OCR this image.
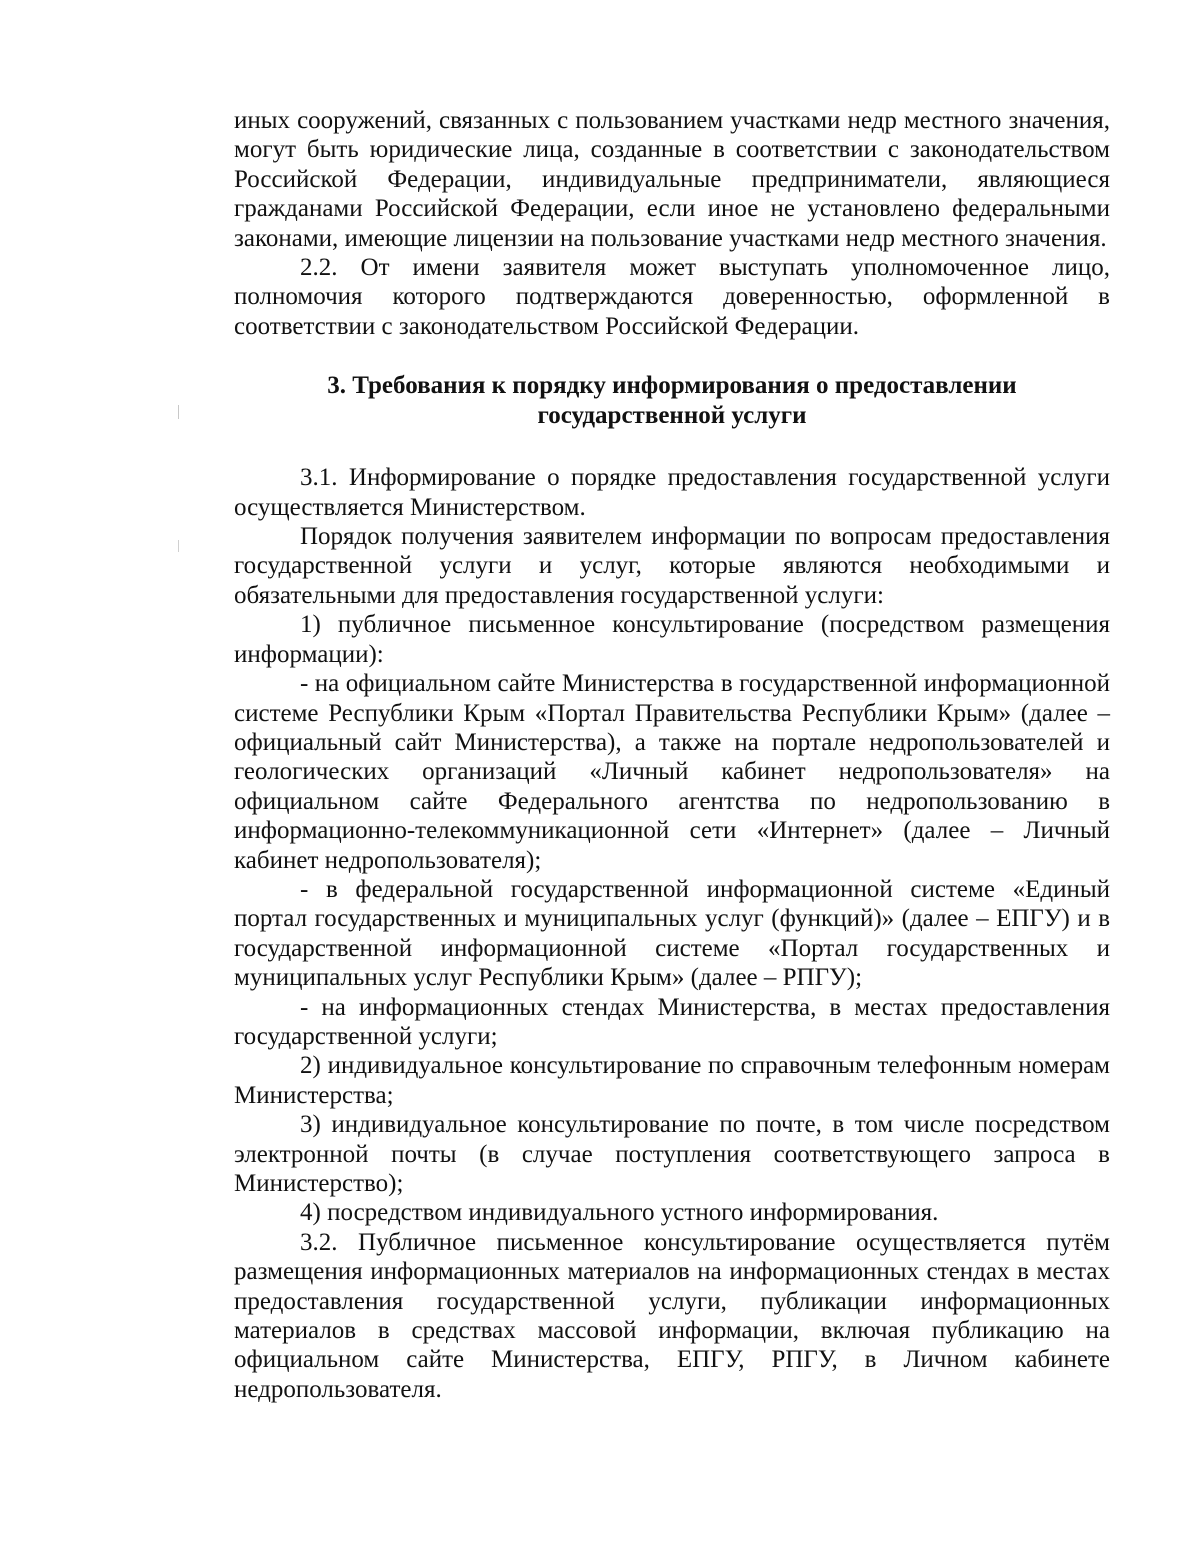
иных сооружений, связанных с пользованием участками недр местного значения, могут быть юридические лица, созданные в соответствии с законодательством Российской Федерации, индивидуальные предприниматели, являющиеся гражданами Российской Федерации, если иное не установлено федеральными законами, имеющие лицензии на пользование участками недр местного значения.

2.2. От имени заявителя может выступать уполномоченное лицо, полномочия которого подтверждаются доверенностью, оформленной в соответствии с законодательством Российской Федерации.

3. Требования к порядку информирования о предоставлении
государственной услуги

3.1. Информирование о порядке предоставления государственной услуги осуществляется Министерством.

Порядок получения заявителем информации по вопросам предоставления государственной услуги и услуг, которые являются необходимыми и обязательными для предоставления государственной услуги:

1) публичное письменное консультирование (посредством размещения информации):

- на официальном сайте Министерства в государственной информационной системе Республики Крым «Портал Правительства Республики Крым» (далее – официальный сайт Министерства), а также на портале недропользователей и геологических организаций «Личный кабинет недропользователя» на официальном сайте Федерального агентства по недропользованию в информационно-телекоммуникационной сети «Интернет» (далее – Личный кабинет недропользователя);

- в федеральной государственной информационной системе «Единый портал государственных и муниципальных услуг (функций)» (далее – ЕПГУ) и в государственной информационной системе «Портал государственных и муниципальных услуг Республики Крым» (далее – РПГУ);

- на информационных стендах Министерства, в местах предоставления государственной услуги;

2) индивидуальное консультирование по справочным телефонным номерам Министерства;

3) индивидуальное консультирование по почте, в том числе посредством электронной почты (в случае поступления соответствующего запроса в Министерство);

4) посредством индивидуального устного информирования.

3.2. Публичное письменное консультирование осуществляется путём размещения информационных материалов на информационных стендах в местах предоставления государственной услуги, публикации информационных материалов в средствах массовой информации, включая публикацию на официальном сайте Министерства, ЕПГУ, РПГУ, в Личном кабинете недропользователя.
